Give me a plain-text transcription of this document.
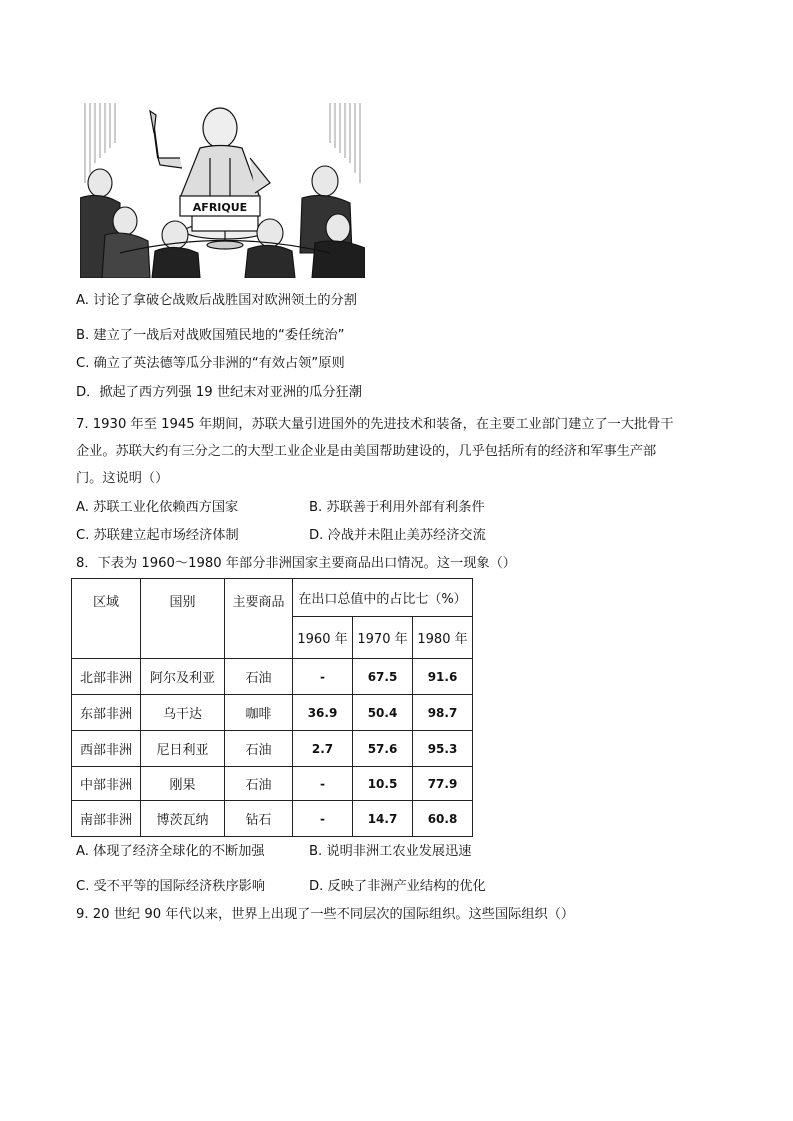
AFRIQUE
A. 讨论了拿破仑战败后战胜国对欧洲领土的分割
B. 建立了一战后对战败国殖民地的“委任统治”
C. 确立了英法德等瓜分非洲的“有效占领”原则
D．掀起了西方列强 19 世纪末对亚洲的瓜分狂潮
7. 1930 年至 1945 年期间，苏联大量引进国外的先进技术和装备，在主要工业部门建立了一大批骨干
企业。苏联大约有三分之二的大型工业企业是由美国帮助建设的，几乎包括所有的经济和军事生产部
门。这说明（）
A. 苏联工业化依赖西方国家	B. 苏联善于利用外部有利条件
C. 苏联建立起市场经济体制	D. 冷战并未阻止美苏经济交流
8．下表为 1960～1980 年部分非洲国家主要商品出口情况。这一现象（）
区域	国别	主要商品	在出口总值中的占比七（%）		
			1960 年	1970 年	1980 年
北部非洲	阿尔及利亚	石油	-	67.5	91.6
东部非洲	乌干达	咖啡	36.9	50.4	98.7
西部非洲	尼日利亚	石油	2.7	57.6	95.3
中部非洲	刚果	石油	-	10.5	77.9
南部非洲	博茨瓦纳	钻石	-	14.7	60.8
A. 体现了经济全球化的不断加强	B. 说明非洲工农业发展迅速
C. 受不平等的国际经济秩序影响	D. 反映了非洲产业结构的优化
9. 20 世纪 90 年代以来，世界上出现了一些不同层次的国际组织。这些国际组织（）
